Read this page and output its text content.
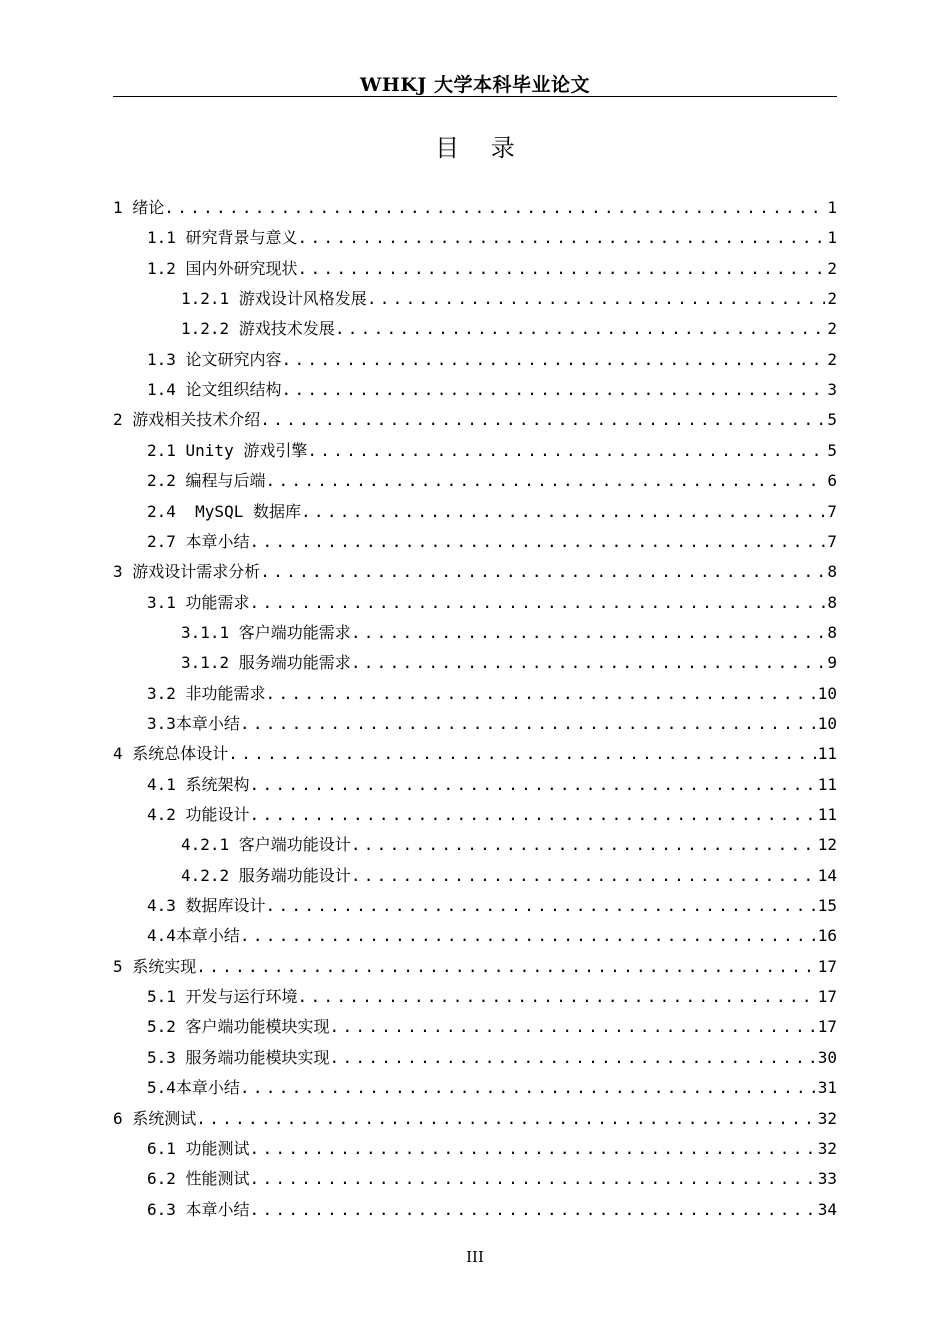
WHKJ 大学本科毕业论文
目 录
1 绪论 .....	1
1.1 研究背景与意义 .....	1
1.2 国内外研究现状 .....	2
1.2.1 游戏设计风格发展 .....	2
1.2.2 游戏技术发展 .....	2
1.3 论文研究内容 .....	2
1.4 论文组织结构 .....	3
2 游戏相关技术介绍 .....	5
2.1 Unity 游戏引擎 .....	5
2.2 编程与后端 .....	6
2.4  MySQL 数据库 .....	7
2.7 本章小结 .....	7
3 游戏设计需求分析 .....	8
3.1 功能需求 .....	8
3.1.1 客户端功能需求 .....	8
3.1.2 服务端功能需求 .....	9
3.2 非功能需求 .....	10
3.3本章小结 .....	10
4 系统总体设计 .....	11
4.1 系统架构 .....	11
4.2 功能设计 .....	11
4.2.1 客户端功能设计 .....	12
4.2.2 服务端功能设计 .....	14
4.3 数据库设计 .....	15
4.4本章小结 .....	16
5 系统实现 .....	17
5.1 开发与运行环境 .....	17
5.2 客户端功能模块实现 .....	17
5.3 服务端功能模块实现 .....	30
5.4本章小结 .....	31
6 系统测试 .....	32
6.1 功能测试 .....	32
6.2 性能测试 .....	33
6.3 本章小结 .....	34
III
